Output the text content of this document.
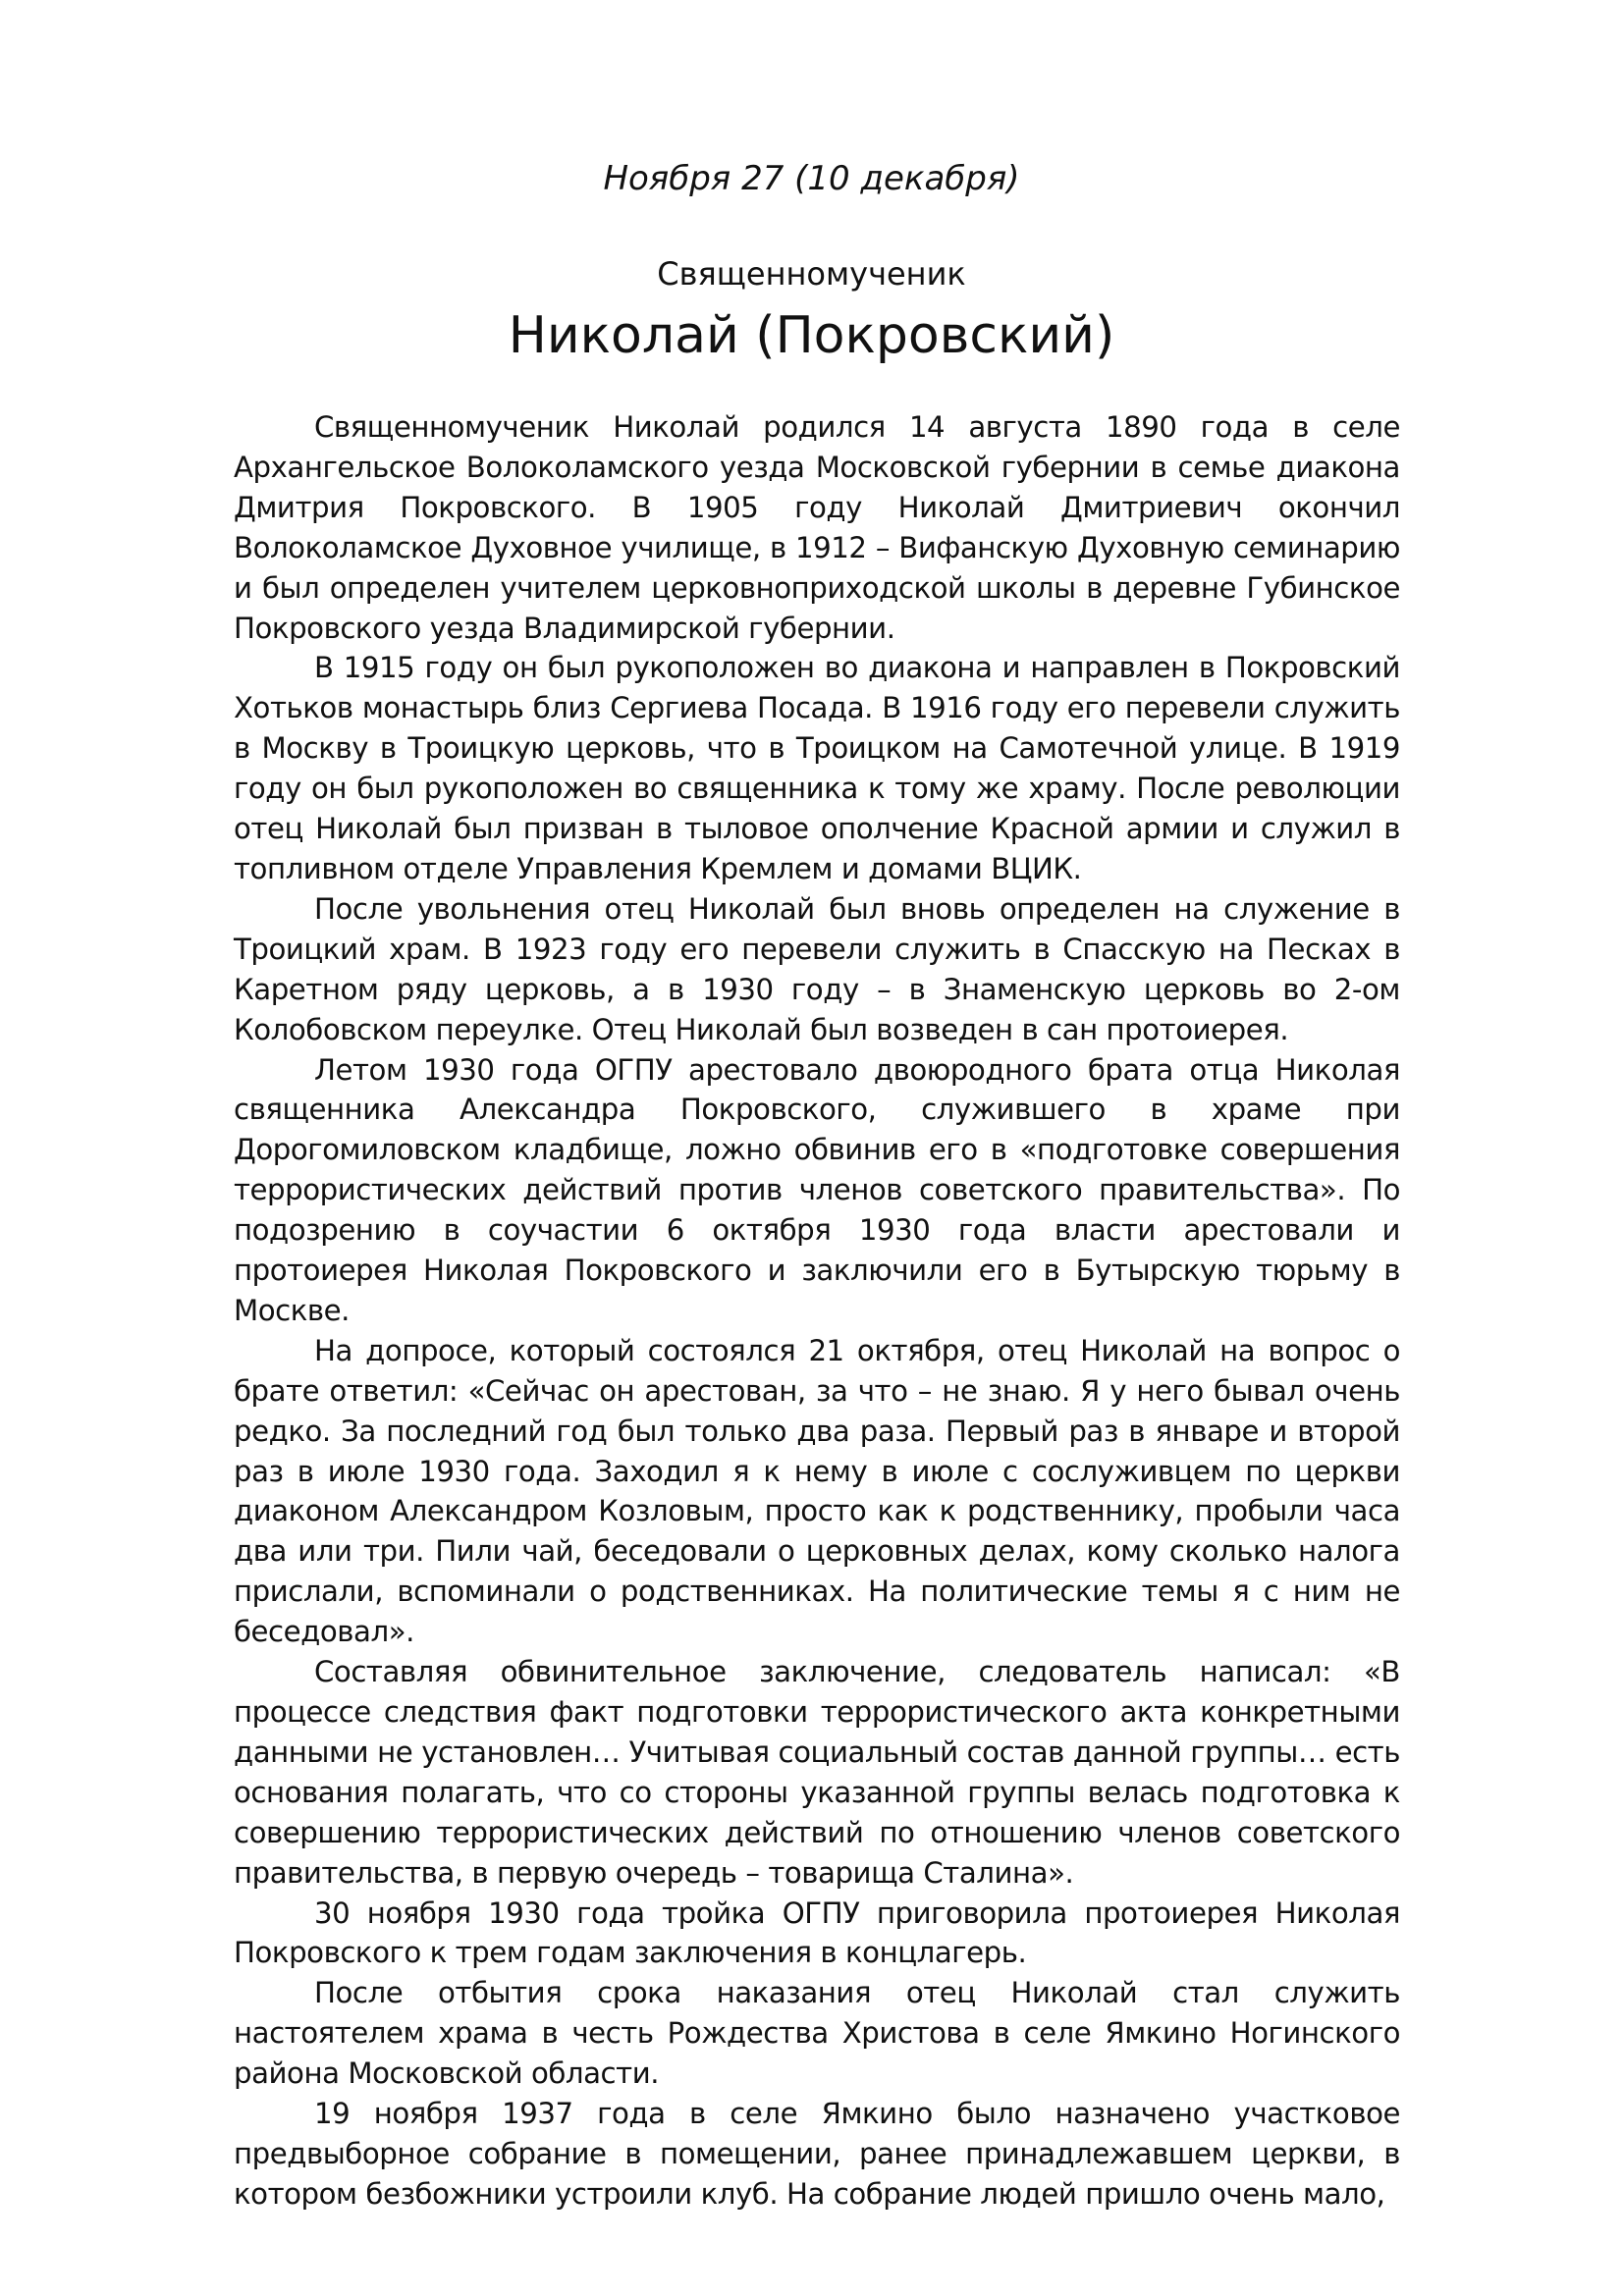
Ноября 27 (10 декабря)
Священномученик
Николай (Покровский)

Священномученик Николай родился 14 августа 1890 года в селе Архангельское Волоколамского уезда Московской губернии в семье диакона Дмитрия Покровского. В 1905 году Николай Дмитриевич окончил Волоколамское Духовное училище, в 1912 – Вифанскую Духовную семинарию и был определен учителем церковноприходской школы в деревне Губинское Покровского уезда Владимирской губернии.

В 1915 году он был рукоположен во диакона и направлен в Покровский Хотьков монастырь близ Сергиева Посада. В 1916 году его перевели служить в Москву в Троицкую церковь, что в Троицком на Самотечной улице. В 1919 году он был рукоположен во священника к тому же храму. После революции отец Николай был призван в тыловое ополчение Красной армии и служил в топливном отделе Управления Кремлем и домами ВЦИК.

После увольнения отец Николай был вновь определен на служение в Троицкий храм. В 1923 году его перевели служить в Спасскую на Песках в Каретном ряду церковь, а в 1930 году – в Знаменскую церковь во 2-ом Колобовском переулке. Отец Николай был возведен в сан протоиерея.

Летом 1930 года ОГПУ арестовало двоюродного брата отца Николая священника Александра Покровского, служившего в храме при Дорогомиловском кладбище, ложно обвинив его в «подготовке совершения террористических действий против членов советского правительства». По подозрению в соучастии 6 октября 1930 года власти арестовали и протоиерея Николая Покровского и заключили его в Бутырскую тюрьму в Москве.

На допросе, который состоялся 21 октября, отец Николай на вопрос о брате ответил: «Сейчас он арестован, за что – не знаю. Я у него бывал очень редко. За последний год был только два раза. Первый раз в январе и второй раз в июле 1930 года. Заходил я к нему в июле с сослуживцем по церкви диаконом Александром Козловым, просто как к родственнику, пробыли часа два или три. Пили чай, беседовали о церковных делах, кому сколько налога прислали, вспоминали о родственниках. На политические темы я с ним не беседовал».

Составляя обвинительное заключение, следователь написал: «В процессе следствия факт подготовки террористического акта конкретными данными не установлен… Учитывая социальный состав данной группы… есть основания полагать, что со стороны указанной группы велась подготовка к совершению террористических действий по отношению членов советского правительства, в первую очередь – товарища Сталина».

30 ноября 1930 года тройка ОГПУ приговорила протоиерея Николая Покровского к трем годам заключения в концлагерь.

После отбытия срока наказания отец Николай стал служить настоятелем храма в честь Рождества Христова в селе Ямкино Ногинского района Московской области.

19 ноября 1937 года в селе Ямкино было назначено участковое предвыборное собрание в помещении, ранее принадлежавшем церкви, в котором безбожники устроили клуб. На собрание людей пришло очень мало,
